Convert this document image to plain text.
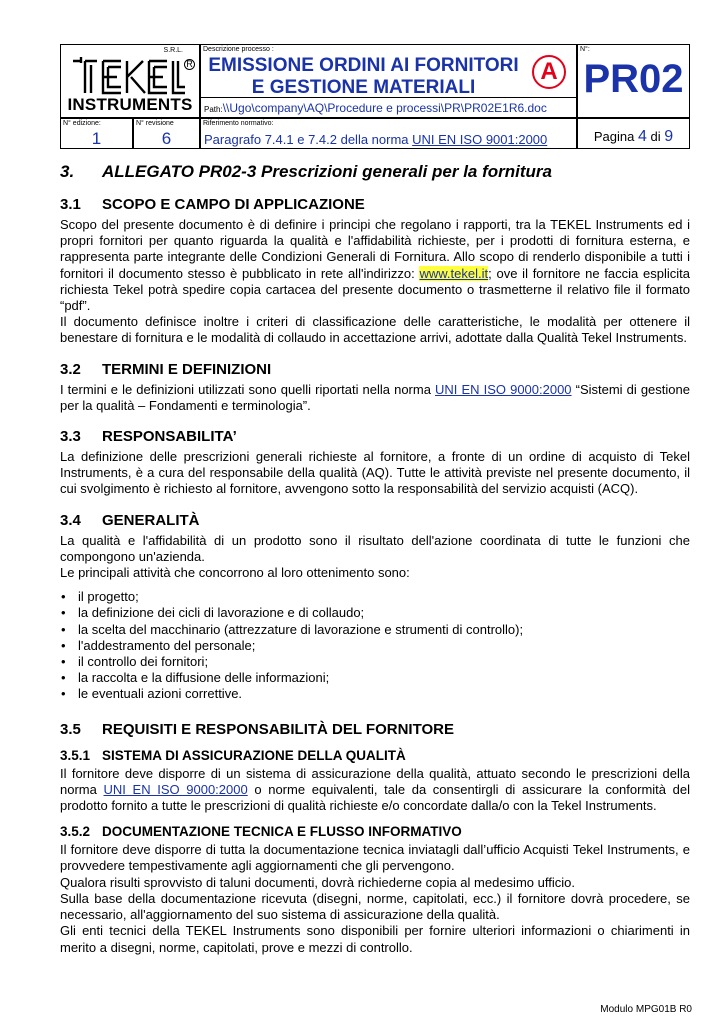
S.R.L.
R
INSTRUMENTS
Descrizione processo :
EMISSIONE ORDINI AI FORNITORI
E GESTIONE MATERIALI
A
Path:\\Ugo\company\AQ\Procedure e processi\PR\PR02E1R6.doc
N°:
PR02
N° edizione:
1
N° revisione
6
Riferimento normativo:
Paragrafo 7.4.1 e 7.4.2 della norma UNI EN ISO 9001:2000	Pagina 4 di 9
3. ALLEGATO PR02-3 Prescrizioni generali per la fornitura
3.1 SCOPO E CAMPO DI APPLICAZIONE

Scopo del presente documento è di definire i principi che regolano i rapporti, tra la TEKEL Instruments ed i propri fornitori per quanto riguarda la qualità e l'affidabilità richieste, per i prodotti di fornitura esterna, e rappresenta parte integrante delle Condizioni Generali di Fornitura. Allo scopo di renderlo disponibile a tutti i fornitori il documento stesso è pubblicato in rete all'indirizzo: www.tekel.it; ove il fornitore ne faccia esplicita richiesta Tekel potrà spedire copia cartacea del presente documento o trasmetterne il relativo file il formato “pdf”.

Il documento definisce inoltre i criteri di classificazione delle caratteristiche, le modalità per ottenere il benestare di fornitura e le modalità di collaudo in accettazione arrivi, adottate dalla Qualità Tekel Instruments.

3.2 TERMINI E DEFINIZIONI

I termini e le definizioni utilizzati sono quelli riportati nella norma UNI EN ISO 9000:2000 “Sistemi di gestione per la qualità – Fondamenti e terminologia”.

3.3 RESPONSABILITA’

La definizione delle prescrizioni generali richieste al fornitore, a fronte di un ordine di acquisto di Tekel Instruments, è a cura del responsabile della qualità (AQ). Tutte le attività previste nel presente documento, il cui svolgimento è richiesto al fornitore, avvengono sotto la responsabilità del servizio acquisti (ACQ).

3.4 GENERALITÀ

La qualità e l'affidabilità di un prodotto sono il risultato dell'azione coordinata di tutte le funzioni che compongono un'azienda.

Le principali attività che concorrono al loro ottenimento sono:

• il progetto;
• la definizione dei cicli di lavorazione e di collaudo;
• la scelta del macchinario (attrezzature di lavorazione e strumenti di controllo);
• l'addestramento del personale;
• il controllo dei fornitori;
• la raccolta e la diffusione delle informazioni;
• le eventuali azioni correttive.
3.5 REQUISITI E RESPONSABILITÀ DEL FORNITORE
3.5.1 SISTEMA DI ASSICURAZIONE DELLA QUALITÀ

Il fornitore deve disporre di un sistema di assicurazione della qualità, attuato secondo le prescrizioni della norma UNI EN ISO 9000:2000 o norme equivalenti, tale da consentirgli di assicurare la conformità del prodotto fornito a tutte le prescrizioni di qualità richieste e/o concordate dalla/o con la Tekel Instruments.

3.5.2 DOCUMENTAZIONE TECNICA E FLUSSO INFORMATIVO

Il fornitore deve disporre di tutta la documentazione tecnica inviatagli dall’ufficio Acquisti Tekel Instruments, e provvedere tempestivamente agli aggiornamenti che gli pervengono.

Qualora risulti sprovvisto di taluni documenti, dovrà richiederne copia al medesimo ufficio.

Sulla base della documentazione ricevuta (disegni, norme, capitolati, ecc.) il fornitore dovrà procedere, se necessario, all'aggiornamento del suo sistema di assicurazione della qualità.

Gli enti tecnici della TEKEL Instruments sono disponibili per fornire ulteriori informazioni o chiarimenti in merito a disegni, norme, capitolati, prove e mezzi di controllo.

Modulo MPG01B R0
